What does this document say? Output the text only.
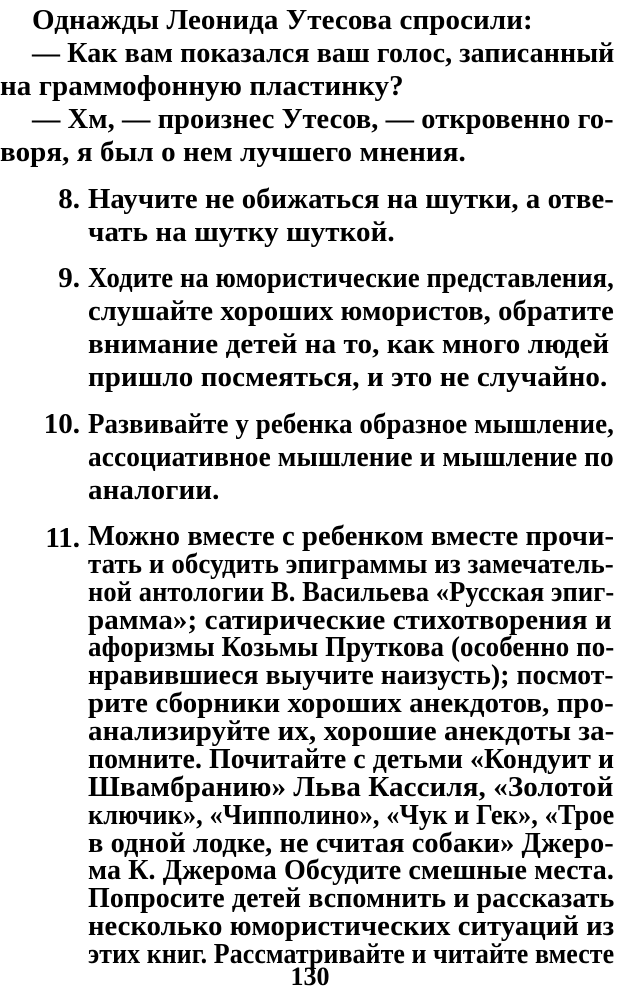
Однажды Леонида Утесова спросили:
— Как вам показался ваш голос, записанный
на граммофонную пластинку?
— Хм, — произнес Утесов, — откровенно го-
воря, я был о нем лучшего мнения.
8. Научите не обижаться на шутки, а отве-
чать на шутку шуткой.
9. Ходите на юмористические представления,
слушайте хороших юмористов, обратите
внимание детей на то, как много людей
пришло посмеяться, и это не случайно.
10. Развивайте у ребенка образное мышление,
ассоциативное мышление и мышление по
аналогии.
11. Можно вместе с ребенком вместе прочи-
тать и обсудить эпиграммы из замечатель-
ной антологии В. Васильева «Русская эпиг-
рамма»; сатирические стихотворения и
афоризмы Козьмы Пруткова (особенно по-
нравившиеся выучите наизусть); посмот-
рите сборники хороших анекдотов, про-
анализируйте их, хорошие анекдоты за-
помните. Почитайте с детьми «Кондуит и
Швамбранию» Льва Кассиля, «Золотой
ключик», «Чипполино», «Чук и Гек», «Трое
в одной лодке, не считая собаки» Джеро-
ма К. Джерома Обсудите смешные места.
Попросите детей вспомнить и рассказать
несколько юмористических ситуаций из
этих книг. Рассматривайте и читайте вместе
130
